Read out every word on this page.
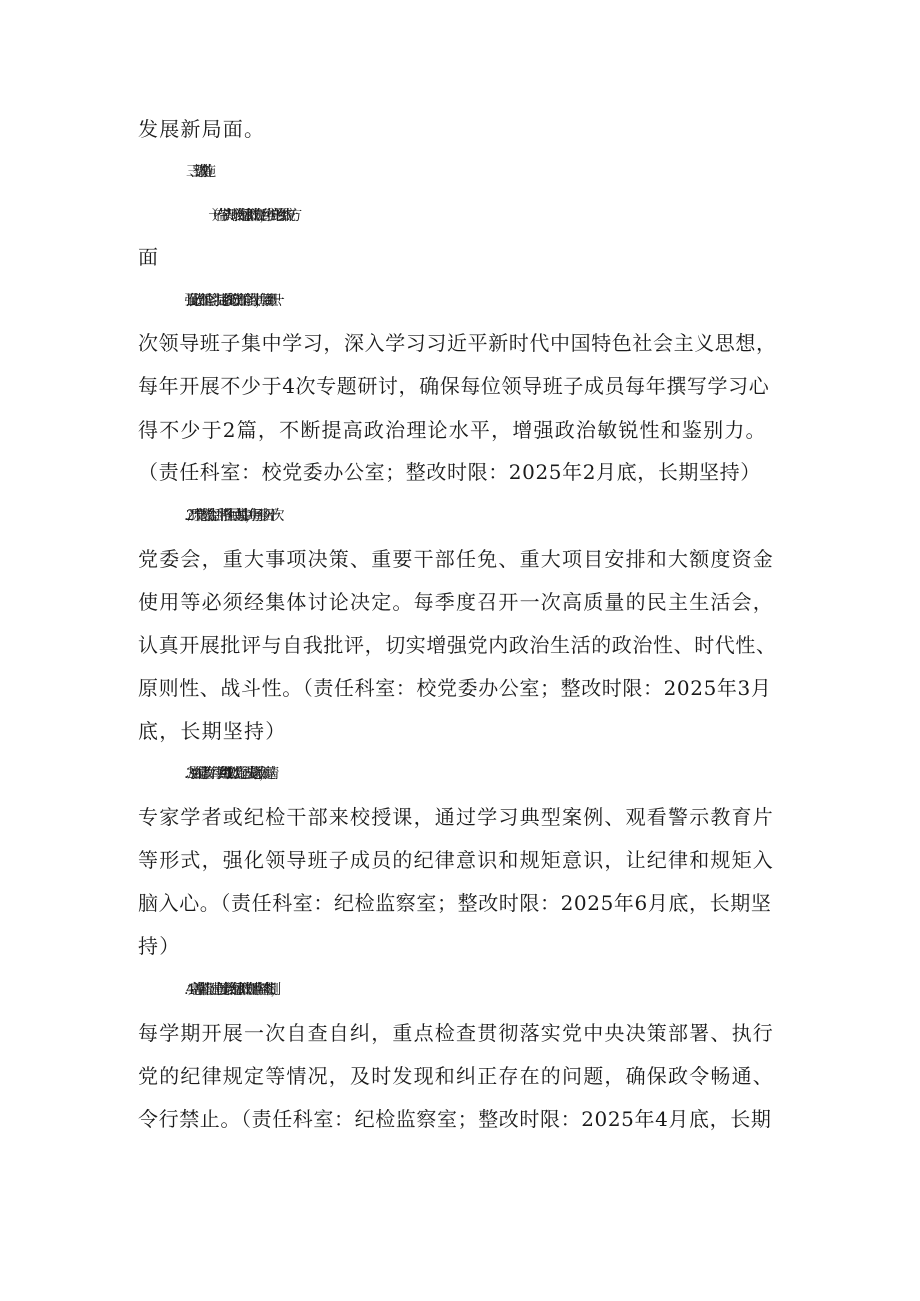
发展新局面。
三、整改措施
（一）在带头严守政治纪律和政治规矩，维护党的团结统一方
面
L强化政治理论学习。制定系统的政治理论学习计划，每周组织一
次领导班子集中学习，深入学习习近平新时代中国特色社会主义思想，
每年开展不少于4次专题研讨，确保每位领导班子成员每年撰写学习心
得不少于2篇，不断提高政治理论水平，增强政治敏锐性和鉴别力。
（责任科室：校党委办公室；整改时限：2025年2月底，长期坚持）
2．严肃党内政治生活。严格执行民主集中制，每月至少召开一次
党委会，重大事项决策、重要干部任免、重大项目安排和大额度资金
使用等必须经集体讨论决定。每季度召开一次高质量的民主生活会，
认真开展批评与自我批评，切实增强党内政治生活的政治性、时代性、
原则性、战斗性。（责任科室：校党委办公室；整改时限：2025年3月
底，长期坚持）
3．加强纪律教育。每学期组织2次以上党纪国法专题教育，邀请
专家学者或纪检干部来校授课，通过学习典型案例、观看警示教育片
等形式，强化领导班子成员的纪律意识和规矩意识，让纪律和规矩入
脑入心。（责任科室：纪检监察室；整改时限：2025年6月底，长期坚
持）
4．完善监督机制。建立健全政治纪律和政治规矩监督检查机制，
每学期开展一次自查自纠，重点检查贯彻落实党中央决策部署、执行
党的纪律规定等情况，及时发现和纠正存在的问题，确保政令畅通、
令行禁止。（责任科室：纪检监察室；整改时限：2025年4月底，长期
